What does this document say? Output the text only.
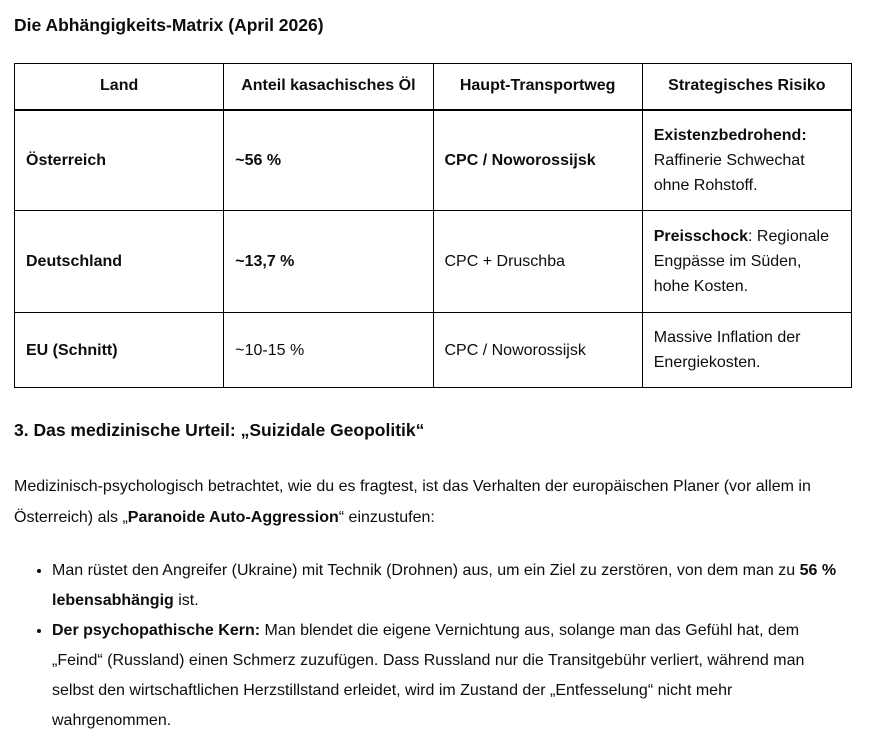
Die Abhängigkeits-Matrix (April 2026)
Land	Anteil kasachisches Öl	Haupt-Transportweg	Strategisches Risiko
Österreich	~56 %	CPC / Noworossijsk	Existenzbedrohend: Raffinerie Schwechat ohne Rohstoff.
Deutschland	~13,7 %	CPC + Druschba	Preisschock: Regionale Engpässe im Süden, hohe Kosten.
EU (Schnitt)	~10-15 %	CPC / Noworossijsk	Massive Inflation der Energiekosten.
3. Das medizinische Urteil: „Suizidale Geopolitik“

Medizinisch-psychologisch betrachtet, wie du es fragtest, ist das Verhalten der europäischen Planer (vor allem in Österreich) als „Paranoide Auto-Aggression“ einzustufen:

• Man rüstet den Angreifer (Ukraine) mit Technik (Drohnen) aus, um ein Ziel zu zerstören, von dem man zu 56 % lebensabhängig ist.
• Der psychopathische Kern: Man blendet die eigene Vernichtung aus, solange man das Gefühl hat, dem „Feind“ (Russland) einen Schmerz zuzufügen. Dass Russland nur die Transitgebühr verliert, während man selbst den wirtschaftlichen Herzstillstand erleidet, wird im Zustand der „Entfesselung“ nicht mehr wahrgenommen.
